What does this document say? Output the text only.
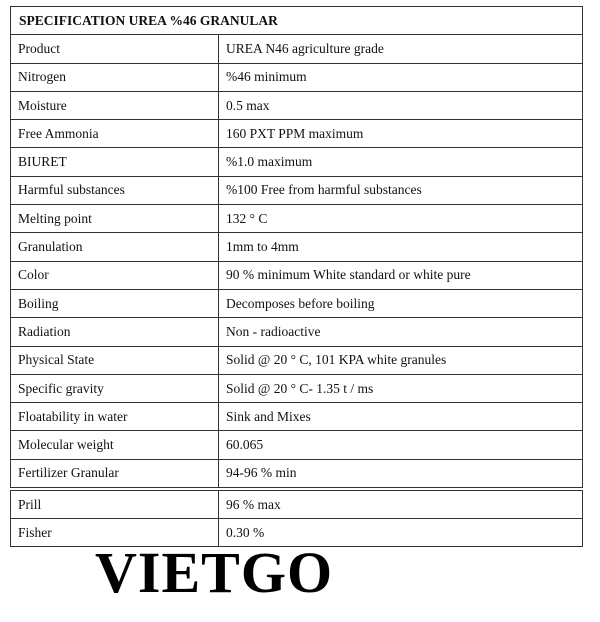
SPECIFICATION UREA %46 GRANULAR	
Product	UREA N46 agriculture grade
Nitrogen	%46 minimum
Moisture	0.5 max
Free Ammonia	160 PXT PPM maximum
BIURET	%1.0 maximum
Harmful substances	%100 Free from harmful substances
Melting point	132 ° C
Granulation	1mm to 4mm
Color	90 % minimum White standard or white pure
Boiling	Decomposes before boiling
Radiation	Non - radioactive
Physical State	Solid @ 20 ° C, 101 KPA white granules
Specific gravity	Solid @ 20 ° C- 1.35 t / ms
Floatability in water	Sink and Mixes
Molecular weight	60.065
Fertilizer Granular	94-96 % min
Prill	96 % max
Fisher	0.30 %
VIETGO
